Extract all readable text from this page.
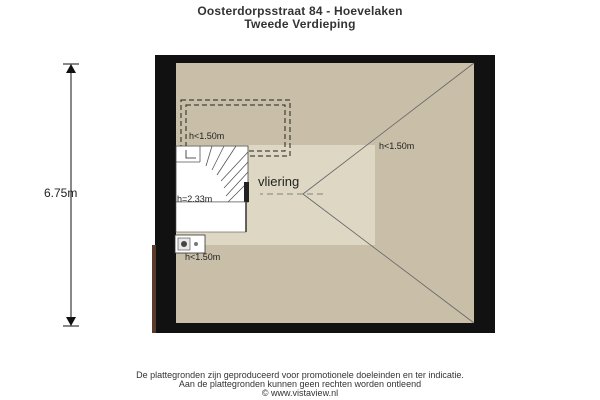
Oosterdorpsstraat 84 - Hoevelaken
Tweede Verdieping
6.75m
vliering
h<1.50m
h<1.50m
h=2.33m
h<1.50m
De plattegronden zijn geproduceerd voor promotionele doeleinden en ter indicatie.
Aan de plattegronden kunnen geen rechten worden ontleend
© www.vistaview.nl
